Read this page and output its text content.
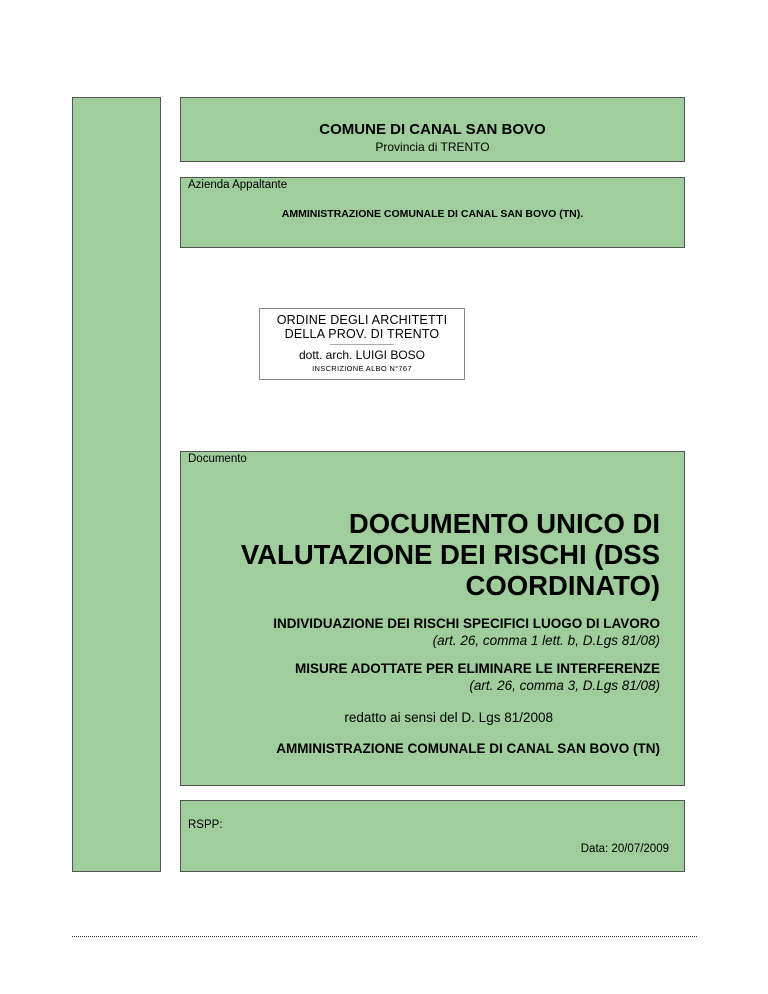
COMUNE DI CANAL SAN BOVO
Provincia di TRENTO
Azienda Appaltante
AMMINISTRAZIONE COMUNALE DI CANAL SAN BOVO (TN).
ORDINE DEGLI ARCHITETTI
DELLA PROV. DI TRENTO
dott. arch. LUIGI BOSO
INSCRIZIONE ALBO N°767
Documento
DOCUMENTO UNICO DI
VALUTAZIONE DEI RISCHI (DSS
COORDINATO)
INDIVIDUAZIONE DEI RISCHI SPECIFICI LUOGO DI LAVORO
(art. 26, comma 1 lett. b, D.Lgs 81/08)
MISURE ADOTTATE PER ELIMINARE LE INTERFERENZE
(art. 26, comma 3, D.Lgs 81/08)
redatto ai sensi del D. Lgs 81/2008
AMMINISTRAZIONE COMUNALE DI CANAL SAN BOVO (TN)
RSPP:
Data: 20/07/2009
